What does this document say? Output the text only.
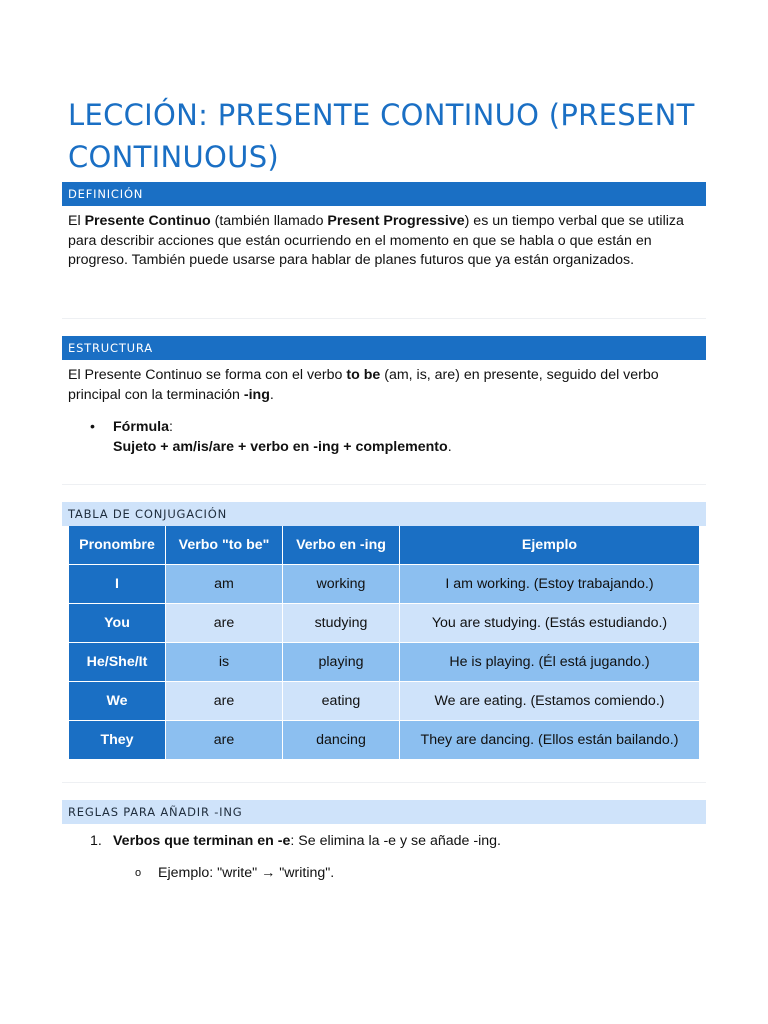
LECCIÓN: PRESENTE CONTINUO (PRESENT CONTINUOUS)
DEFINICIÓN

El Presente Continuo (también llamado Present Progressive) es un tiempo verbal que se utiliza para describir acciones que están ocurriendo en el momento en que se habla o que están en progreso. También puede usarse para hablar de planes futuros que ya están organizados.

ESTRUCTURA

El Presente Continuo se forma con el verbo to be (am, is, are) en presente, seguido del verbo principal con la terminación -ing.

• Fórmula:
Sujeto + am/is/are + verbo en -ing + complemento.
TABLA DE CONJUGACIÓN
Pronombre	Verbo "to be"	Verbo en -ing	Ejemplo
I	am	working	I am working. (Estoy trabajando.)
You	are	studying	You are studying. (Estás estudiando.)
He/She/It	is	playing	He is playing. (Él está jugando.)
We	are	eating	We are eating. (Estamos comiendo.)
They	are	dancing	They are dancing. (Ellos están bailando.)
REGLAS PARA AÑADIR -ING
1. Verbos que terminan en -e: Se elimina la -e y se añade -ing.
o Ejemplo: "write" → "writing".
